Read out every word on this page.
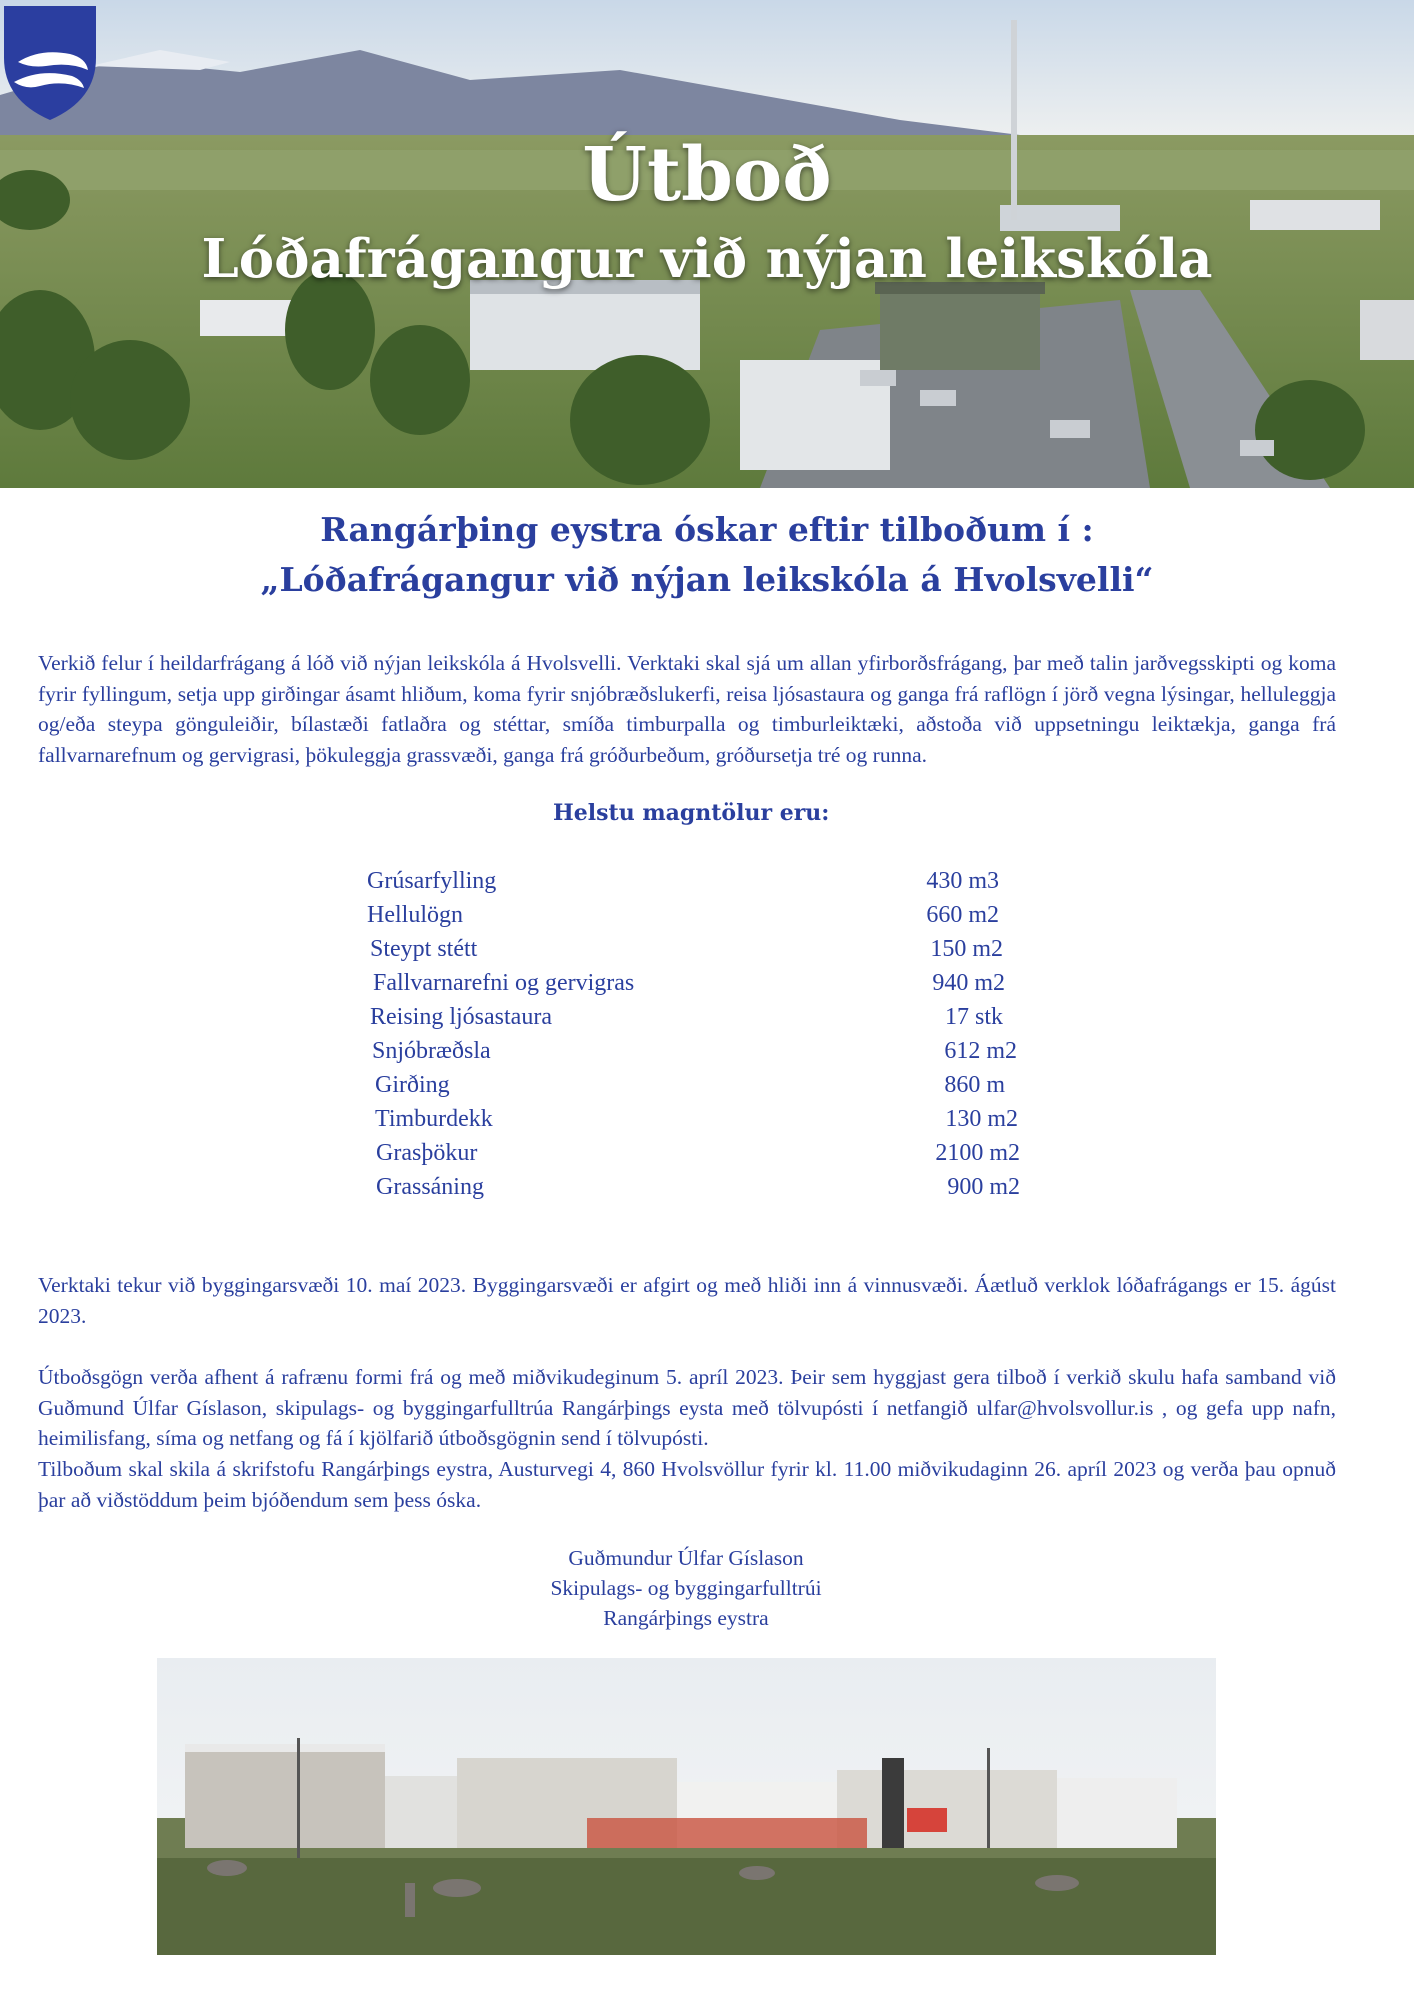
Útboð
Lóðafrágangur við nýjan leikskóla
Rangárþing eystra óskar eftir tilboðum í :
„Lóðafrágangur við nýjan leikskóla á Hvolsvelli“

Verkið felur í heildarfrágang á lóð við nýjan leikskóla á Hvolsvelli. Verktaki skal sjá um allan yfirborðsfrágang, þar með talin jarðvegsskipti og koma fyrir fyllingum, setja upp girðingar ásamt hliðum, koma fyrir snjóbræðslukerfi, reisa ljósastaura og ganga frá raflögn í jörð vegna lýsingar, helluleggja og/eða steypa gönguleiðir, bílastæði fatlaðra og stéttar, smíða timburpalla og timburleiktæki, aðstoða við uppsetningu leiktækja, ganga frá fallvarnarefnum og gervigrasi, þökuleggja grassvæði, ganga frá gróðurbeðum, gróðursetja tré og runna.

Helstu magntölur eru:
Grúsarfylling	430 m3
Hellulögn	660 m2
Steypt stétt	150 m2
Fallvarnarefni og gervigras	940 m2
Reising ljósastaura	17 stk
Snjóbræðsla	612 m2
Girðing	860 m
Timburdekk	130 m2
Grasþökur	2100 m2
Grassáning	900 m2

Verktaki tekur við byggingarsvæði 10. maí 2023. Byggingarsvæði er afgirt og með hliði inn á vinnusvæði. Áætluð verklok lóðafrágangs er 15. ágúst 2023.

Útboðsgögn verða afhent á rafrænu formi frá og með miðvikudeginum 5. apríl 2023. Þeir sem hyggjast gera tilboð í verkið skulu hafa samband við Guðmund Úlfar Gíslason, skipulags- og byggingarfulltrúa Rangárþings eysta með tölvupósti í netfangið ulfar@hvolsvollur.is , og gefa upp nafn, heimilisfang, síma og netfang og fá í kjölfarið útboðsgögnin send í tölvupósti.

Tilboðum skal skila á skrifstofu Rangárþings eystra, Austurvegi 4, 860 Hvolsvöllur fyrir kl. 11.00 miðvikudaginn 26. apríl 2023 og verða þau opnuð þar að viðstöddum þeim bjóðendum sem þess óska.

Guðmundur Úlfar Gíslason
Skipulags- og byggingarfulltrúi
Rangárþings eystra
